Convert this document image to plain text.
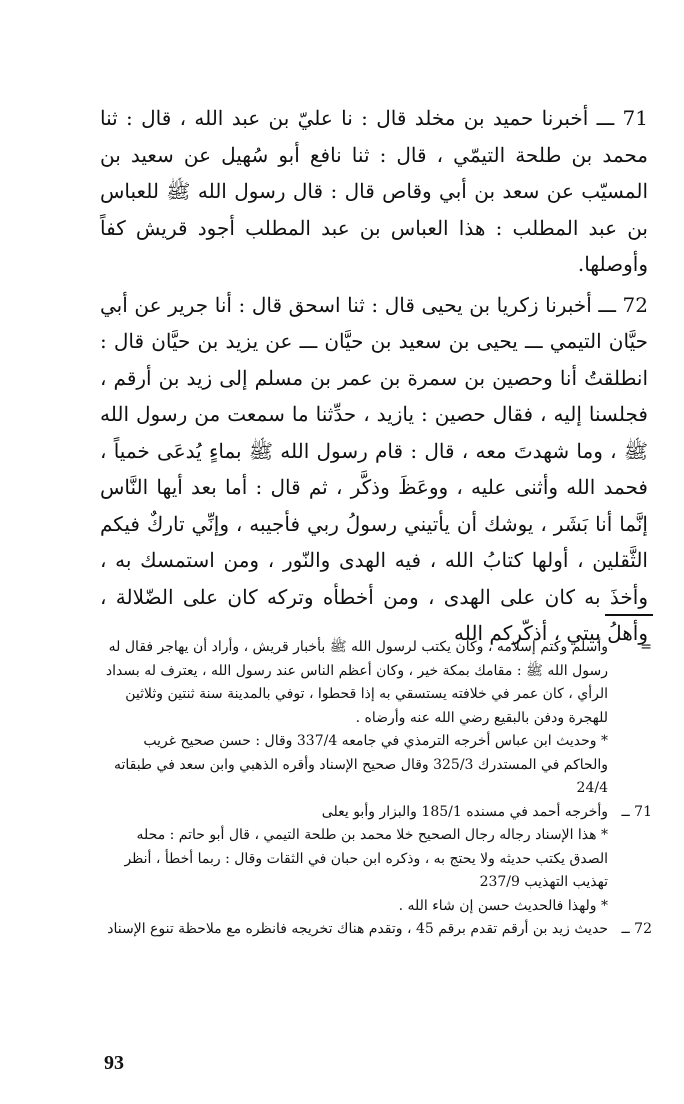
71 ـــ أخبرنا حميد بن مخلد قال : نا عليّ بن عبد الله ، قال : ثنا محمد بن طلحة التيمّي ، قال : ثنا نافع أبو سُهيل عن سعيد بن المسيّب عن سعد بن أبي وقاص قال : قال رسول الله ﷺ للعباس بن عبد المطلب : هذا العباس بن عبد المطلب أجود قريش كفاً وأوصلها.

72 ـــ أخبرنا زكريا بن يحيى قال : ثنا اسحق قال : أنا جرير عن أبي حيَّان التيمي ـــ يحيى بن سعيد بن حيَّان ـــ عن يزيد بن حيَّان قال : انطلقتُ أنا وحصين بن سمرة بن عمر بن مسلم إلى زيد بن أرقم ، فجلسنا إليه ، فقال حصين : يازيد ، حدِّثنا ما سمعت من رسول الله ﷺ ، وما شهدتَ معه ، قال : قام رسول الله ﷺ بماءٍ يُدعَى خمياً ، فحمد الله وأثنى عليه ، ووعَظَ وذكَّر ، ثم قال : أما بعد أيها النَّاس إنَّما أنا بَشَر ، يوشك أن يأتيني رسولُ ربي فأجيبه ، وإنِّي تاركٌ فيكم الثَّقلين ، أولها كتابُ الله ، فيه الهدى والنّور ، ومن استمسك به ، وأخذَ به كان على الهدى ، ومن أخطأه وتركه كان على الضّلالة ، وأهلُ بيتي ، أذكّركم الله

=

وأسلم وكتم إسلامه ، وكان يكتب لرسول الله ﷺ بأخبار قريش ، وأراد أن يهاجر فقال له رسول الله ﷺ : مقامك بمكة خير ، وكان أعظم الناس عند رسول الله ، يعترف له بسداد الرأي ، كان عمر في خلافته يستسقي به إذا قحطوا ، توفي بالمدينة سنة ثنتين وثلاثين للهجرة ودفن بالبقيع رضي الله عنه وأرضاه .

* وحديث ابن عباس أخرجه الترمذي في جامعه 337/4 وقال : حسن صحيح غريب والحاكم في المستدرك 325/3 وقال صحيح الإسناد وأقره الذهبي وابن سعد في طبقاته 24/4

71 ــ

وأخرجه أحمد في مسنده 185/1 والبزار وأبو يعلى

* هذا الإسناد رجاله رجال الصحيح خلا محمد بن طلحة التيمي ، قال أبو حاتم : محله الصدق يكتب حديثه ولا يحتج به ، وذكره ابن حبان في الثقات وقال : ربما أخطأ ، أنظر تهذيب التهذيب 237/9

* ولهذا فالحديث حسن إن شاء الله .

72 ــ

حديث زيد بن أرقم تقدم برقم 45 ، وتقدم هناك تخريجه فانظره مع ملاحظة تنوع الإسناد

93
